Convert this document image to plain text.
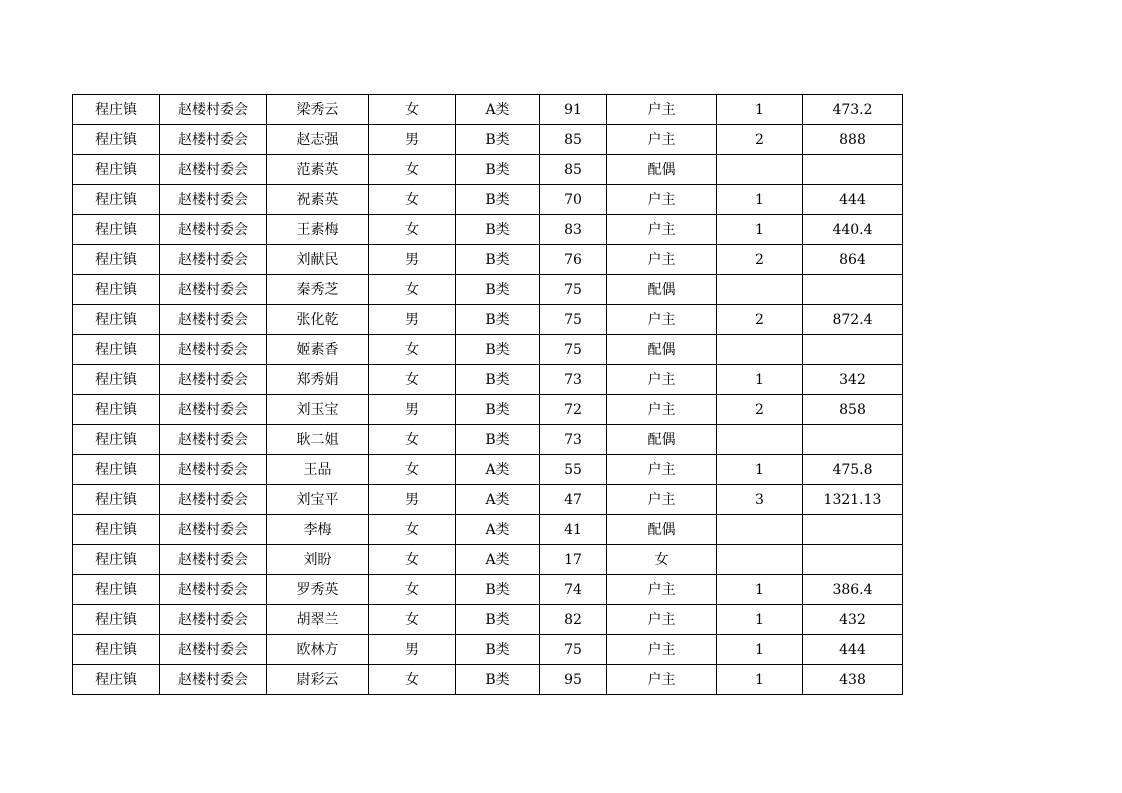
程庄镇	赵楼村委会	梁秀云	女	A类	91	户主	1	473.2
程庄镇	赵楼村委会	赵志强	男	B类	85	户主	2	888
程庄镇	赵楼村委会	范素英	女	B类	85	配偶		
程庄镇	赵楼村委会	祝素英	女	B类	70	户主	1	444
程庄镇	赵楼村委会	王素梅	女	B类	83	户主	1	440.4
程庄镇	赵楼村委会	刘献民	男	B类	76	户主	2	864
程庄镇	赵楼村委会	秦秀芝	女	B类	75	配偶		
程庄镇	赵楼村委会	张化乾	男	B类	75	户主	2	872.4
程庄镇	赵楼村委会	姬素香	女	B类	75	配偶		
程庄镇	赵楼村委会	郑秀娟	女	B类	73	户主	1	342
程庄镇	赵楼村委会	刘玉宝	男	B类	72	户主	2	858
程庄镇	赵楼村委会	耿二姐	女	B类	73	配偶		
程庄镇	赵楼村委会	王品	女	A类	55	户主	1	475.8
程庄镇	赵楼村委会	刘宝平	男	A类	47	户主	3	1321.13
程庄镇	赵楼村委会	李梅	女	A类	41	配偶		
程庄镇	赵楼村委会	刘盼	女	A类	17	女		
程庄镇	赵楼村委会	罗秀英	女	B类	74	户主	1	386.4
程庄镇	赵楼村委会	胡翠兰	女	B类	82	户主	1	432
程庄镇	赵楼村委会	欧林方	男	B类	75	户主	1	444
程庄镇	赵楼村委会	尉彩云	女	B类	95	户主	1	438
